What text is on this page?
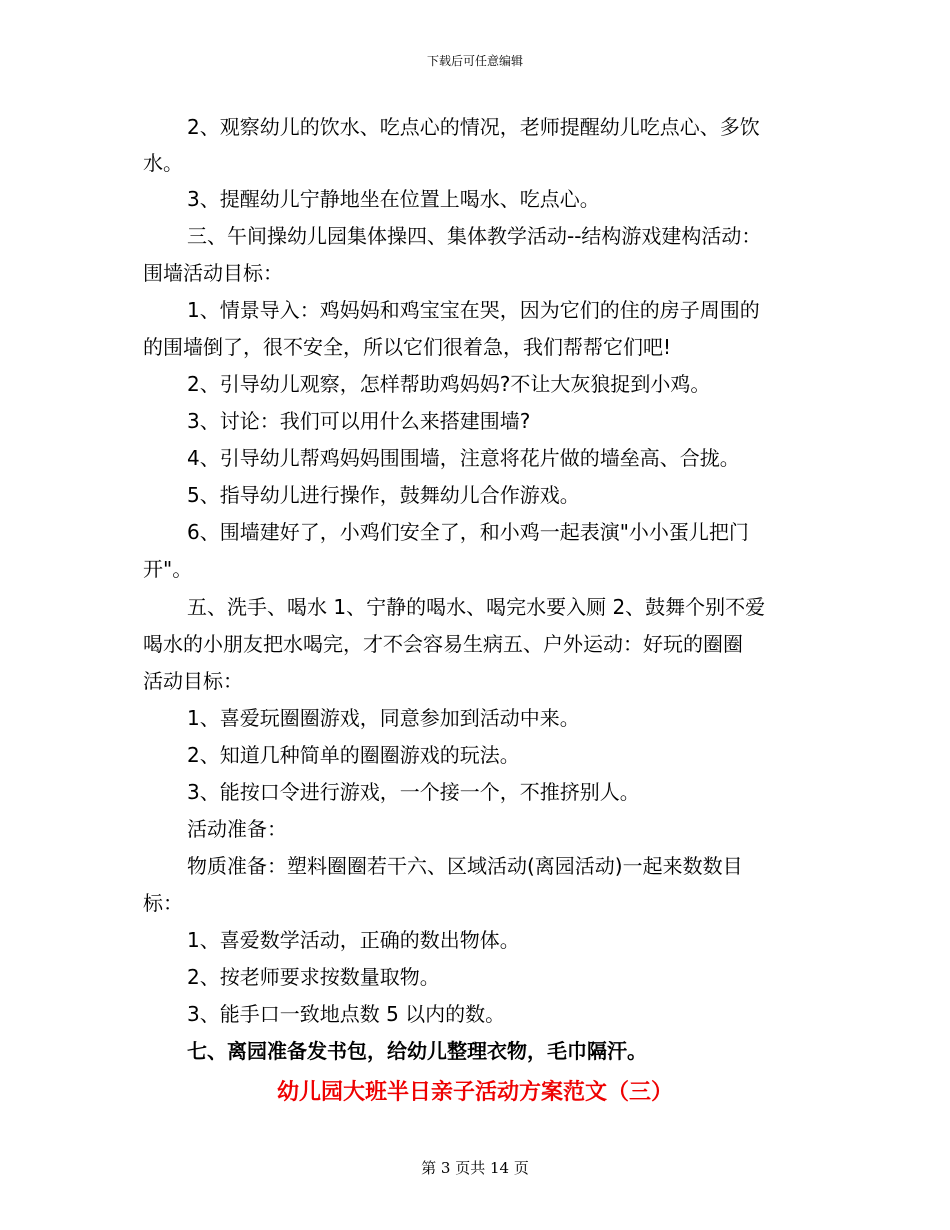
下载后可任意编辑
2、观察幼儿的饮水、吃点心的情况，老师提醒幼儿吃点心、多饮
水。
3、提醒幼儿宁静地坐在位置上喝水、吃点心。
三、午间操幼儿园集体操四、集体教学活动--结构游戏建构活动：
围墙活动目标：
1、情景导入：鸡妈妈和鸡宝宝在哭，因为它们的住的房子周围的
的围墙倒了，很不安全，所以它们很着急，我们帮帮它们吧!
2、引导幼儿观察，怎样帮助鸡妈妈?不让大灰狼捉到小鸡。
3、讨论：我们可以用什么来搭建围墙?
4、引导幼儿帮鸡妈妈围围墙，注意将花片做的墙垒高、合拢。
5、指导幼儿进行操作，鼓舞幼儿合作游戏。
6、围墙建好了，小鸡们安全了，和小鸡一起表演"小小蛋儿把门
开"。
五、洗手、喝水 1、宁静的喝水、喝完水要入厕 2、鼓舞个别不爱
喝水的小朋友把水喝完，才不会容易生病五、户外运动：好玩的圈圈
活动目标：
1、喜爱玩圈圈游戏，同意参加到活动中来。
2、知道几种简单的圈圈游戏的玩法。
3、能按口令进行游戏，一个接一个，不推挤别人。
活动准备：
物质准备：塑料圈圈若干六、区域活动(离园活动)一起来数数目
标：
1、喜爱数学活动，正确的数出物体。
2、按老师要求按数量取物。
3、能手口一致地点数 5 以内的数。
七、离园准备发书包，给幼儿整理衣物，毛巾隔汗。
幼儿园大班半日亲子活动方案范文（三）
第 3 页共 14 页
